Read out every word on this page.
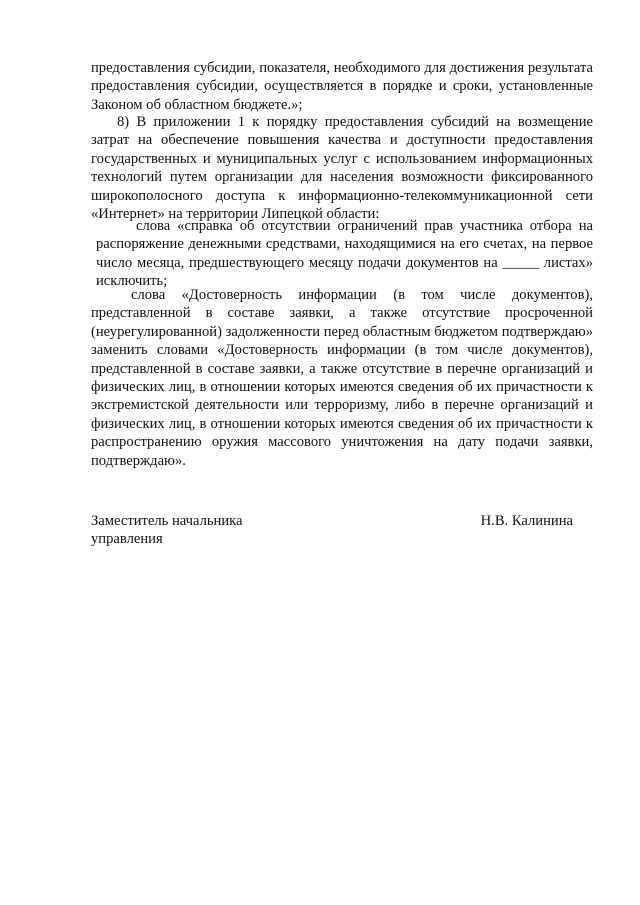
предоставления субсидии, показателя, необходимого для достижения результата предоставления субсидии, осуществляется в порядке и сроки, установленные Законом об областном бюджете.»;

8) В приложении 1 к порядку предоставления субсидий на возмещение затрат на обеспечение повышения качества и доступности предоставления государственных и муниципальных услуг с использованием информационных технологий путем организации для населения возможности фиксированного широкополосного доступа к информационно-телекоммуникационной сети «Интернет» на территории Липецкой области:

слова «справка об отсутствии ограничений прав участника отбора на распоряжение денежными средствами, находящимися на его счетах, на первое число месяца, предшествующего месяцу подачи документов на _____ листах» исключить;

слова «Достоверность информации (в том числе документов), представленной в составе заявки, а также отсутствие просроченной (неурегулированной) задолженности перед областным бюджетом подтверждаю» заменить словами «Достоверность информации (в том числе документов), представленной в составе заявки, а также отсутствие в перечне организаций и физических лиц, в отношении которых имеются сведения об их причастности к экстремистской деятельности или терроризму, либо в перечне организаций и физических лиц, в отношении которых имеются сведения об их причастности к распространению оружия массового уничтожения на дату подачи заявки, подтверждаю».

Заместитель начальника управления
Н.В. Калинина
